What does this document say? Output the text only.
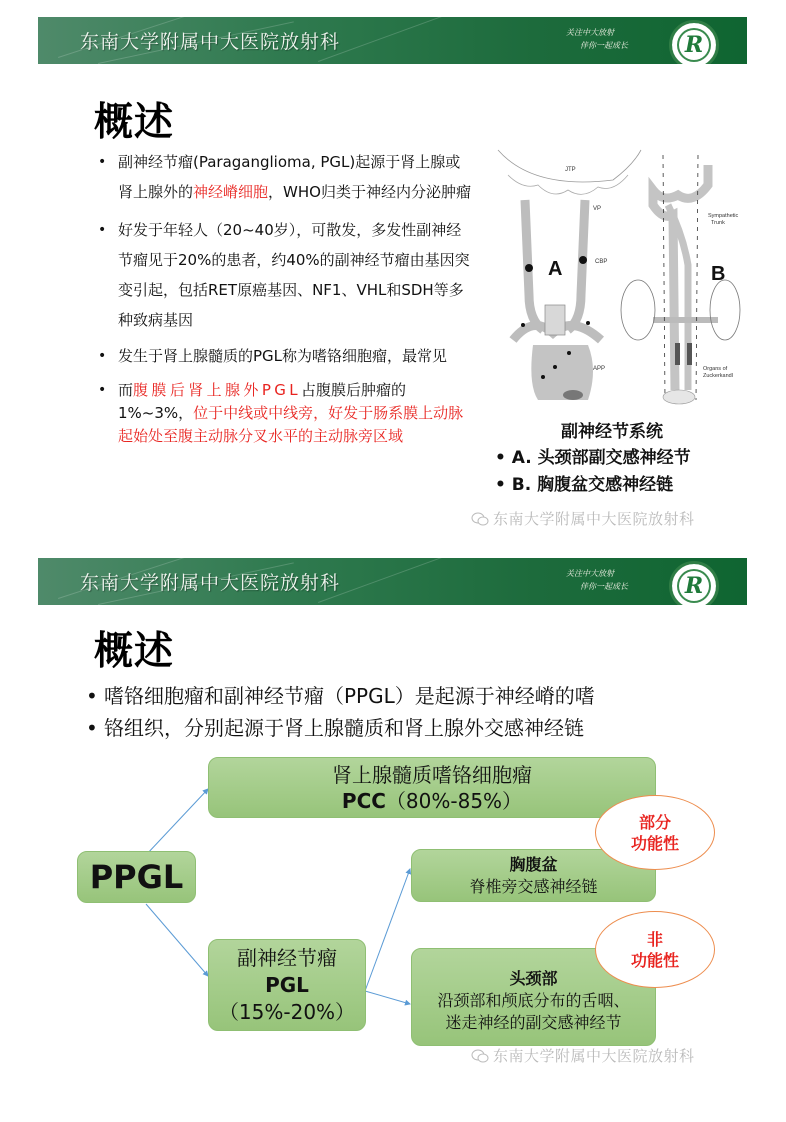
东南大学附属中大医院放射科	关注中大放射
伴你一起成长	R
概述
• 副神经节瘤(Paraganglioma, PGL)起源于肾上腺或肾上腺外的神经嵴细胞，WHO归类于神经内分泌肿瘤
• 好发于年轻人（20~40岁），可散发，多发性副神经节瘤见于20%的患者，约40%的副神经节瘤由基因突变引起，包括RET原癌基因、NF1、VHL和SDH等多种致病基因
• 发生于肾上腺髓质的PGL称为嗜铬细胞瘤，最常见
• 而腹膜后肾上腺外PGL占腹膜后肿瘤的1%~3%，位于中线或中线旁，好发于肠系膜上动脉起始处至腹主动脉分叉水平的主动脉旁区域
A
JTP
VP
CBP
APP
B
Sympathetic
Trunk
Organs of
Zuckerkandl
副神经节系统
• A. 头颈部副交感神经节
• B. 胸腹盆交感神经链
东南大学附属中大医院放射科
东南大学附属中大医院放射科	关注中大放射
伴你一起成长	R
概述
• 嗜铬细胞瘤和副神经节瘤（PPGL）是起源于神经嵴的嗜
• 铬组织，分别起源于肾上腺髓质和肾上腺外交感神经链
PPGL
肾上腺髓质嗜铬细胞瘤
PCC（80%-85%）
副神经节瘤
PGL
（15%-20%）
胸腹盆
脊椎旁交感神经链
头颈部
沿颈部和颅底分布的舌咽、
迷走神经的副交感神经节
部分
功能性
非
功能性
东南大学附属中大医院放射科
